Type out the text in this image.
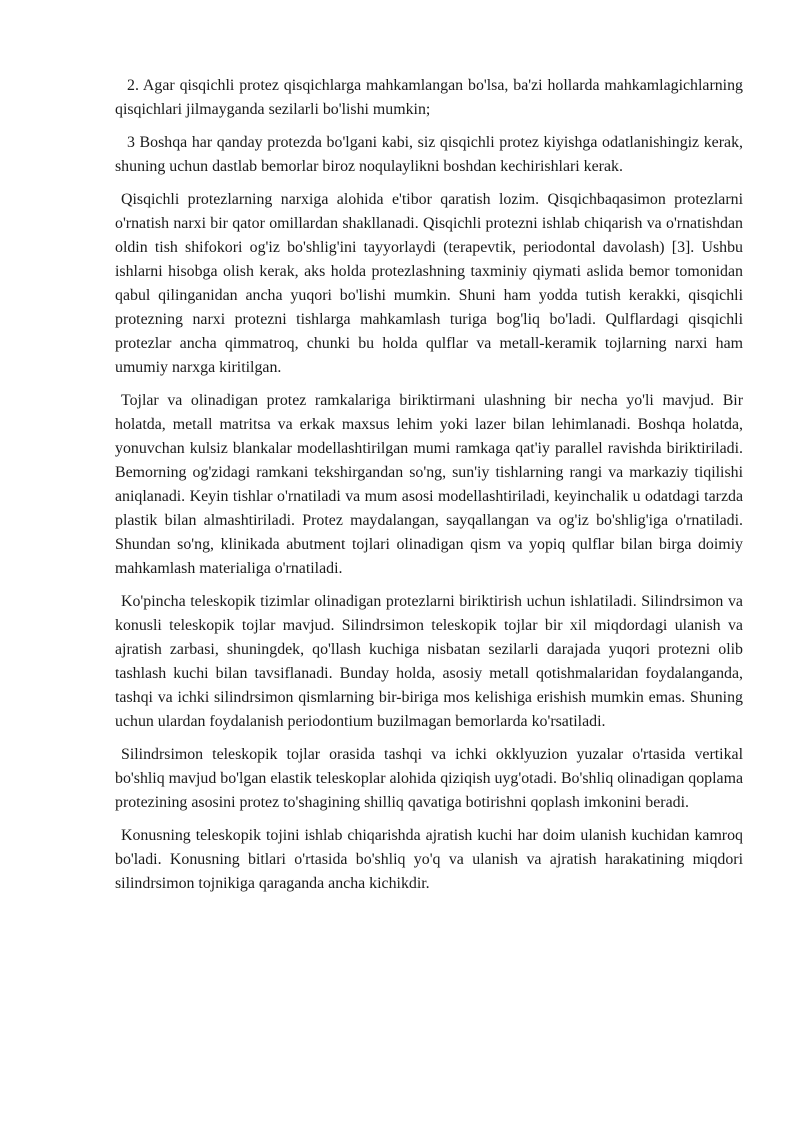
2. Agar qisqichli protez qisqichlarga mahkamlangan bo'lsa, ba'zi hollarda mahkamlagichlarning qisqichlari jilmayganda sezilarli bo'lishi mumkin;

3 Boshqa har qanday protezda bo'lgani kabi, siz qisqichli protez kiyishga odatlanishingiz kerak, shuning uchun dastlab bemorlar biroz noqulaylikni boshdan kechirishlari kerak.

Qisqichli protezlarning narxiga alohida e'tibor qaratish lozim. Qisqichbaqasimon protezlarni o'rnatish narxi bir qator omillardan shakllanadi. Qisqichli protezni ishlab chiqarish va o'rnatishdan oldin tish shifokori og'iz bo'shlig'ini tayyorlaydi (terapevtik, periodontal davolash) [3]. Ushbu ishlarni hisobga olish kerak, aks holda protezlashning taxminiy qiymati aslida bemor tomonidan qabul qilinganidan ancha yuqori bo'lishi mumkin. Shuni ham yodda tutish kerakki, qisqichli protezning narxi protezni tishlarga mahkamlash turiga bog'liq bo'ladi. Qulflardagi qisqichli protezlar ancha qimmatroq, chunki bu holda qulflar va metall-keramik tojlarning narxi ham umumiy narxga kiritilgan.

Tojlar va olinadigan protez ramkalariga biriktirmani ulashning bir necha yo'li mavjud. Bir holatda, metall matritsa va erkak maxsus lehim yoki lazer bilan lehimlanadi. Boshqa holatda, yonuvchan kulsiz blankalar modellashtirilgan mumi ramkaga qat'iy parallel ravishda biriktiriladi. Bemorning og'zidagi ramkani tekshirgandan so'ng, sun'iy tishlarning rangi va markaziy tiqilishi aniqlanadi. Keyin tishlar o'rnatiladi va mum asosi modellashtiriladi, keyinchalik u odatdagi tarzda plastik bilan almashtiriladi. Protez maydalangan, sayqallangan va og'iz bo'shlig'iga o'rnatiladi. Shundan so'ng, klinikada abutment tojlari olinadigan qism va yopiq qulflar bilan birga doimiy mahkamlash materialiga o'rnatiladi.

Ko'pincha teleskopik tizimlar olinadigan protezlarni biriktirish uchun ishlatiladi. Silindrsimon va konusli teleskopik tojlar mavjud. Silindrsimon teleskopik tojlar bir xil miqdordagi ulanish va ajratish zarbasi, shuningdek, qo'llash kuchiga nisbatan sezilarli darajada yuqori protezni olib tashlash kuchi bilan tavsiflanadi. Bunday holda, asosiy metall qotishmalaridan foydalanganda, tashqi va ichki silindrsimon qismlarning bir-biriga mos kelishiga erishish mumkin emas. Shuning uchun ulardan foydalanish periodontium buzilmagan bemorlarda ko'rsatiladi.

Silindrsimon teleskopik tojlar orasida tashqi va ichki okklyuzion yuzalar o'rtasida vertikal bo'shliq mavjud bo'lgan elastik teleskoplar alohida qiziqish uyg'otadi. Bo'shliq olinadigan qoplama protezining asosini protez to'shagining shilliq qavatiga botirishni qoplash imkonini beradi.

Konusning teleskopik tojini ishlab chiqarishda ajratish kuchi har doim ulanish kuchidan kamroq bo'ladi. Konusning bitlari o'rtasida bo'shliq yo'q va ulanish va ajratish harakatining miqdori silindrsimon tojnikiga qaraganda ancha kichikdir.
